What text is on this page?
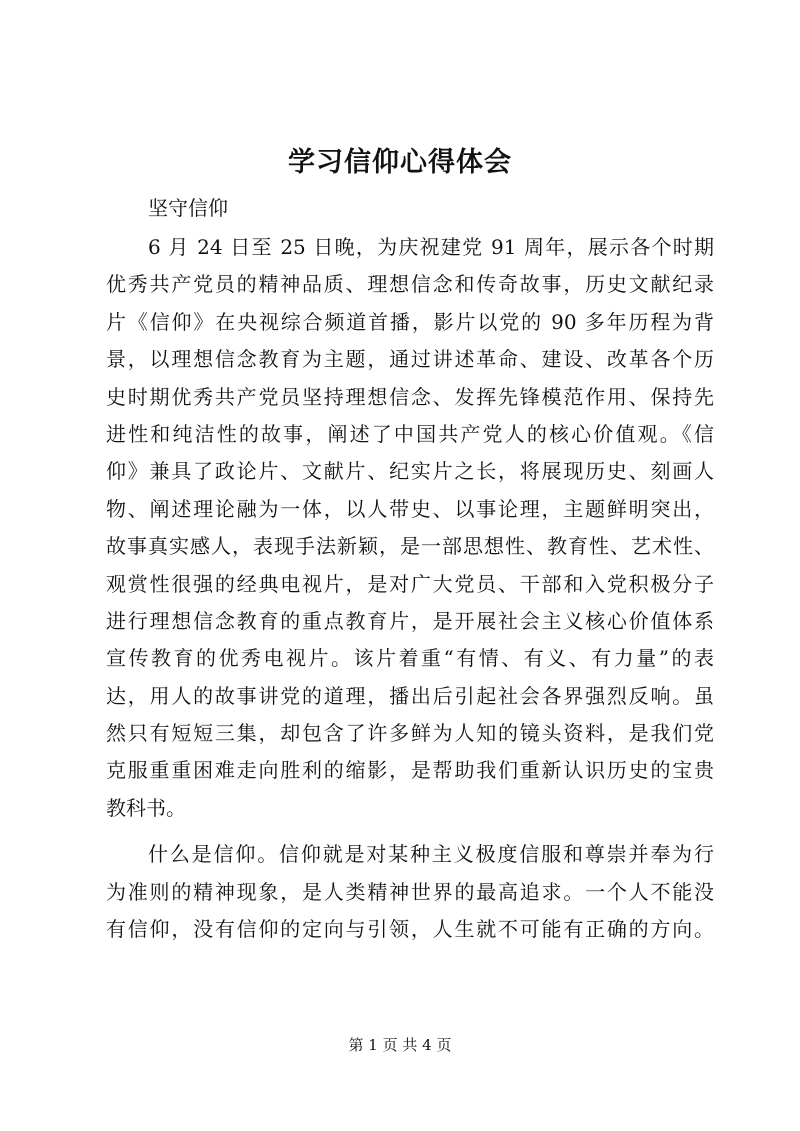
学习信仰心得体会
坚守信仰
6 月 24 日至 25 日晚，为庆祝建党 91 周年，展示各个时期
优秀共产党员的精神品质、理想信念和传奇故事，历史文献纪录
片《信仰》在央视综合频道首播，影片以党的 90 多年历程为背
景，以理想信念教育为主题，通过讲述革命、建设、改革各个历
史时期优秀共产党员坚持理想信念、发挥先锋模范作用、保持先
进性和纯洁性的故事，阐述了中国共产党人的核心价值观。《信
仰》兼具了政论片、文献片、纪实片之长，将展现历史、刻画人
物、阐述理论融为一体，以人带史、以事论理，主题鲜明突出，
故事真实感人，表现手法新颖，是一部思想性、教育性、艺术性、
观赏性很强的经典电视片，是对广大党员、干部和入党积极分子
进行理想信念教育的重点教育片，是开展社会主义核心价值体系
宣传教育的优秀电视片。该片着重“有情、有义、有力量”的表
达，用人的故事讲党的道理，播出后引起社会各界强烈反响。虽
然只有短短三集，却包含了许多鲜为人知的镜头资料，是我们党
克服重重困难走向胜利的缩影，是帮助我们重新认识历史的宝贵
教科书。
什么是信仰。信仰就是对某种主义极度信服和尊崇并奉为行
为准则的精神现象，是人类精神世界的最高追求。一个人不能没
有信仰，没有信仰的定向与引领，人生就不可能有正确的方向。
第 1 页 共 4 页
